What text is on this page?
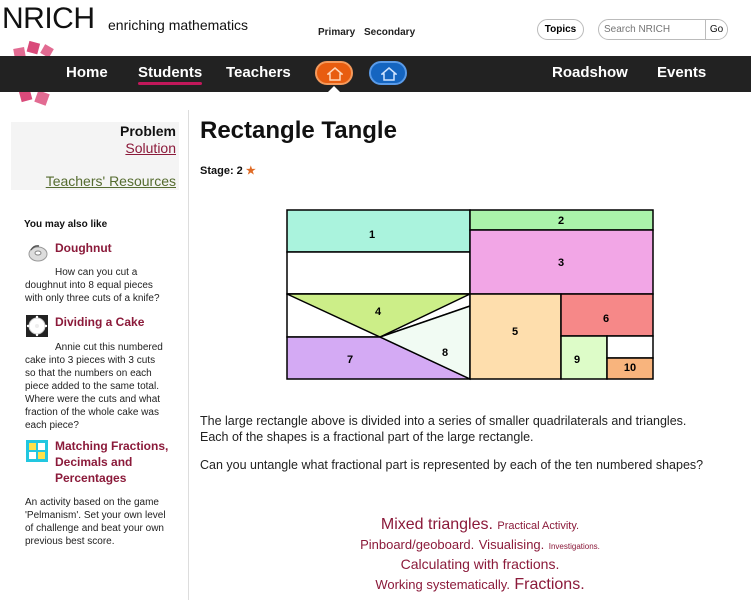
NRICH enriching mathematics	Primary Secondary	Topics
Search NRICH	Go
Home Students Teachers	Roadshow Events
Problem
Solution
Teachers' Resources
You may also like
Doughnut
How can you cut a
doughnut into 8 equal pieces
with only three cuts of a knife?
Dividing a Cake
Annie cut this numbered
cake into 3 pieces with 3 cuts
so that the numbers on each
piece added to the same total.
Where were the cuts and what
fraction of the whole cake was
each piece?
Matching Fractions,
Decimals and
Percentages
An activity based on the game
'Pelmanism'. Set your own level
of challenge and beat your own
previous best score.
Rectangle Tangle
Stage: 2 ★
1
2
3
4
5
6
7
8
9
10
The large rectangle above is divided into a series of smaller quadrilaterals and triangles.
Each of the shapes is a fractional part of the large rectangle.
Can you untangle what fractional part is represented by each of the ten numbered shapes?
Mixed triangles. Practical Activity.
Pinboard/geoboard. Visualising. Investigations.
Calculating with fractions.
Working systematically. Fractions.
